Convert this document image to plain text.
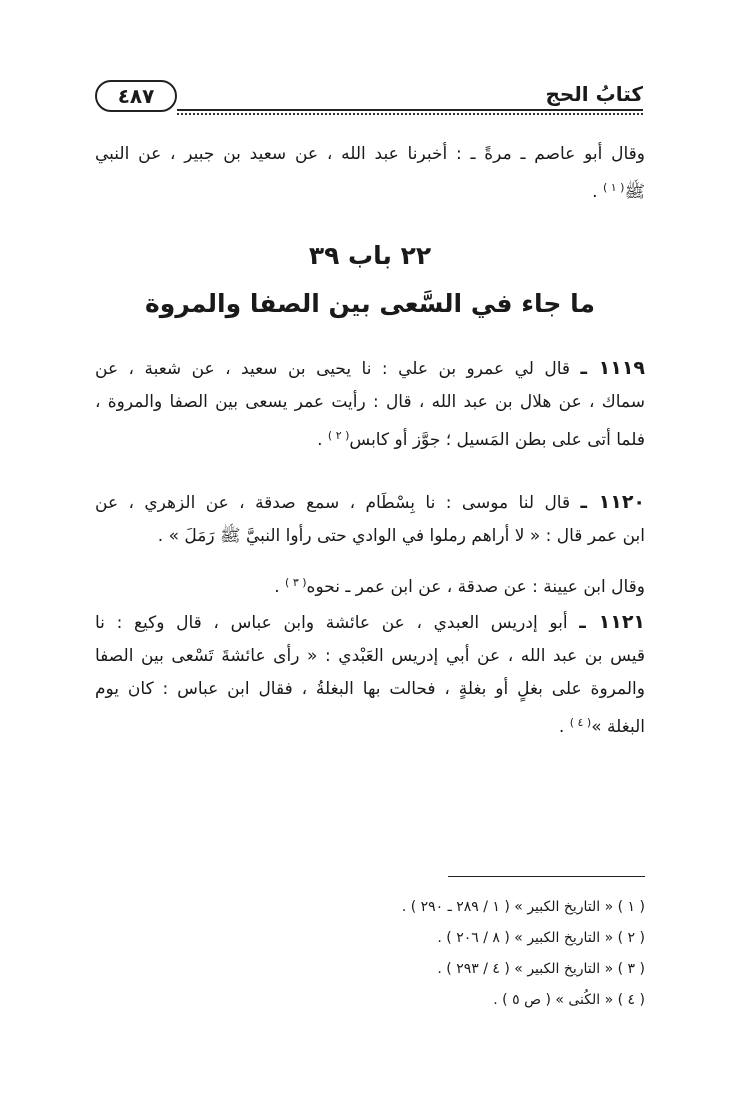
٤٨٧	كتابُ الحج
وقال أبو عاصم ـ مرةً ـ : أخبرنا عبد الله ، عن سعيد بن جبير ، عن النبي
ﷺ$^{( ١ )}$ .
٢٢ باب ٣٩
ما جاء في السَّعى بين الصفا والمروة
١١١٩ ـ قال لي عمرو بن علي : نا يحيى بن سعيد ، عن شعبة ، عن
سماك ، عن هلال بن عبد الله ، قال : رأيت عمر يسعى بين الصفا والمروة ،
فلما أتى على بطن المَسيل ؛ جوَّز أو كابس$^{( ٢ )}$ .
١١٢٠ ـ قال لنا موسى : نا بِسْطَام ، سمع صدقة ، عن الزهري ، عن
ابن عمر قال : « لا أراهم رملوا في الوادي حتى رأوا النبيَّ ﷺ رَمَلَ » .
وقال ابن عيينة : عن صدقة ، عن ابن عمر ـ نحوه$^{( ٣ )}$ .
١١٢١ ـ أبو إدريس العبدي ، عن عائشة وابن عباس ، قال وكيع : نا
قيس بن عبد الله ، عن أبي إدريس العَبْدي : « رأى عائشةَ تَسْعى بين الصفا
والمروة على بغلٍ أو بغلةٍ ، فحالت بها البغلةُ ، فقال ابن عباس : كان يوم
البغلة »$^{( ٤ )}$ .
( ١ ) « التاريخ الكبير » ( ١ / ٢٨٩ ـ ٢٩٠ ) .
( ٢ ) « التاريخ الكبير » ( ٨ / ٢٠٦ ) .
( ٣ ) « التاريخ الكبير » ( ٤ / ٢٩٣ ) .
( ٤ ) « الكُنى » ( ص ٥ ) .
